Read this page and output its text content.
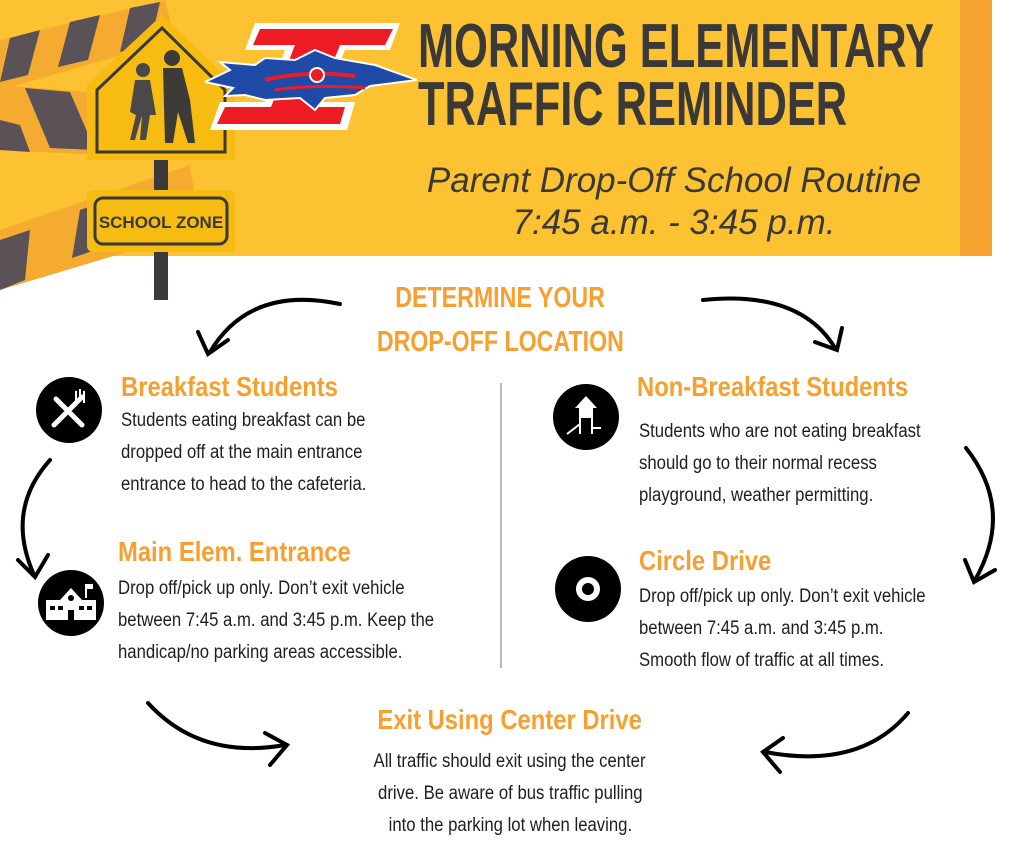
SCHOOL ZONE
MORNING ELEMENTARY
TRAFFIC REMINDER
Parent Drop-Off School Routine
7:45 a.m. - 3:45 p.m.
DETERMINE YOUR
DROP-OFF LOCATION
Breakfast Students
Students eating breakfast can be
dropped off at the main entrance
entrance to head to the cafeteria.
Main Elem. Entrance
Drop off/pick up only. Don’t exit vehicle
between 7:45 a.m. and 3:45 p.m. Keep the
handicap/no parking areas accessible.
Non-Breakfast Students
Students who are not eating breakfast
should go to their normal recess
playground, weather permitting.
Circle Drive
Drop off/pick up only. Don’t exit vehicle
between 7:45 a.m. and 3:45 p.m.
Smooth flow of traffic at all times.
Exit Using Center Drive
All traffic should exit using the center
drive. Be aware of bus traffic pulling
into the parking lot when leaving.
